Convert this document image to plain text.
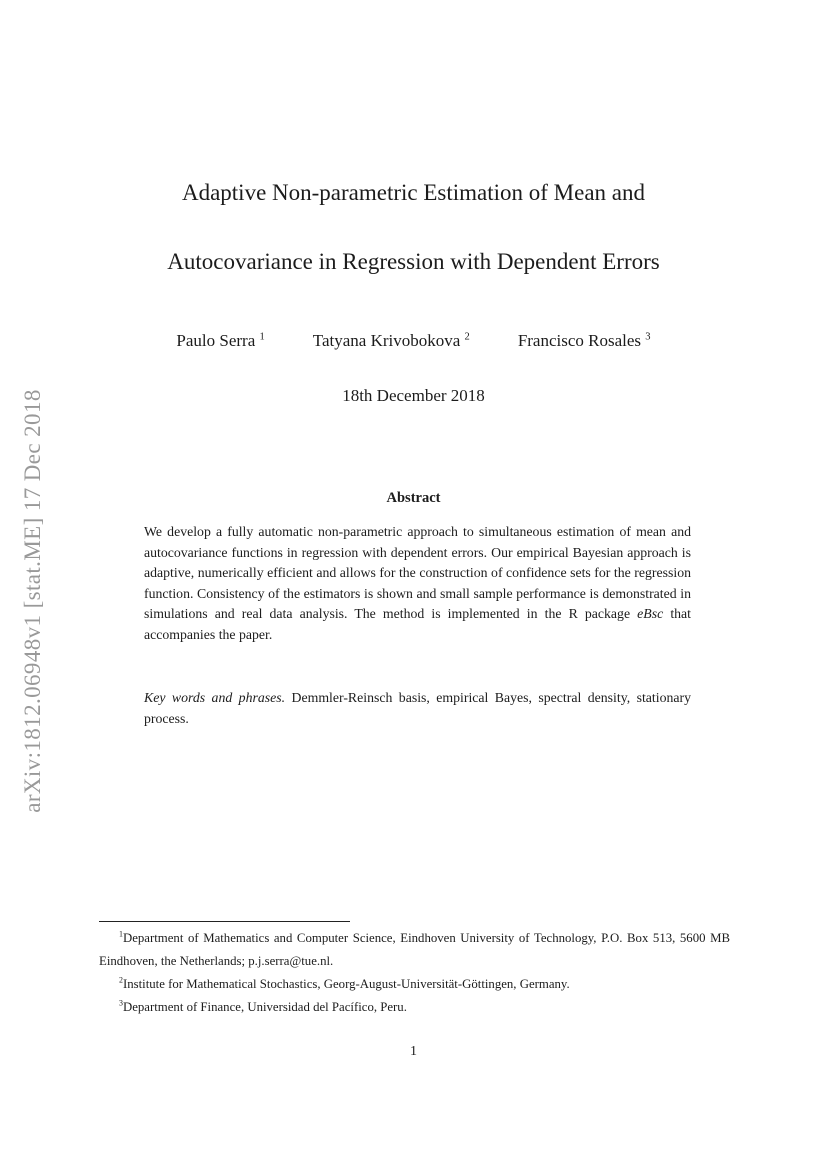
arXiv:1812.06948v1 [stat.ME] 17 Dec 2018
Adaptive Non-parametric Estimation of Mean and
Autocovariance in Regression with Dependent Errors
Paulo Serra $^1$	Tatyana Krivobokova $^2$	Francisco Rosales $^3$
18th December 2018
Abstract
We develop a fully automatic non-parametric approach to simultaneous estimation of mean and autocovariance functions in regression with dependent errors. Our empirical Bayesian approach is adaptive, numerically efficient and allows for the construction of confidence sets for the regression function. Consistency of the estimators is shown and small sample performance is demonstrated in simulations and real data analysis. The method is implemented in the R package eBsc that accompanies the paper.
Key words and phrases. Demmler-Reinsch basis, empirical Bayes, spectral density, stationary process.

$^1$Department of Mathematics and Computer Science, Eindhoven University of Technology, P.O. Box 513, 5600 MB Eindhoven, the Netherlands; p.j.serra@tue.nl.

$^2$Institute for Mathematical Stochastics, Georg-August-Universität-Göttingen, Germany.

$^3$Department of Finance, Universidad del Pacífico, Peru.

1
